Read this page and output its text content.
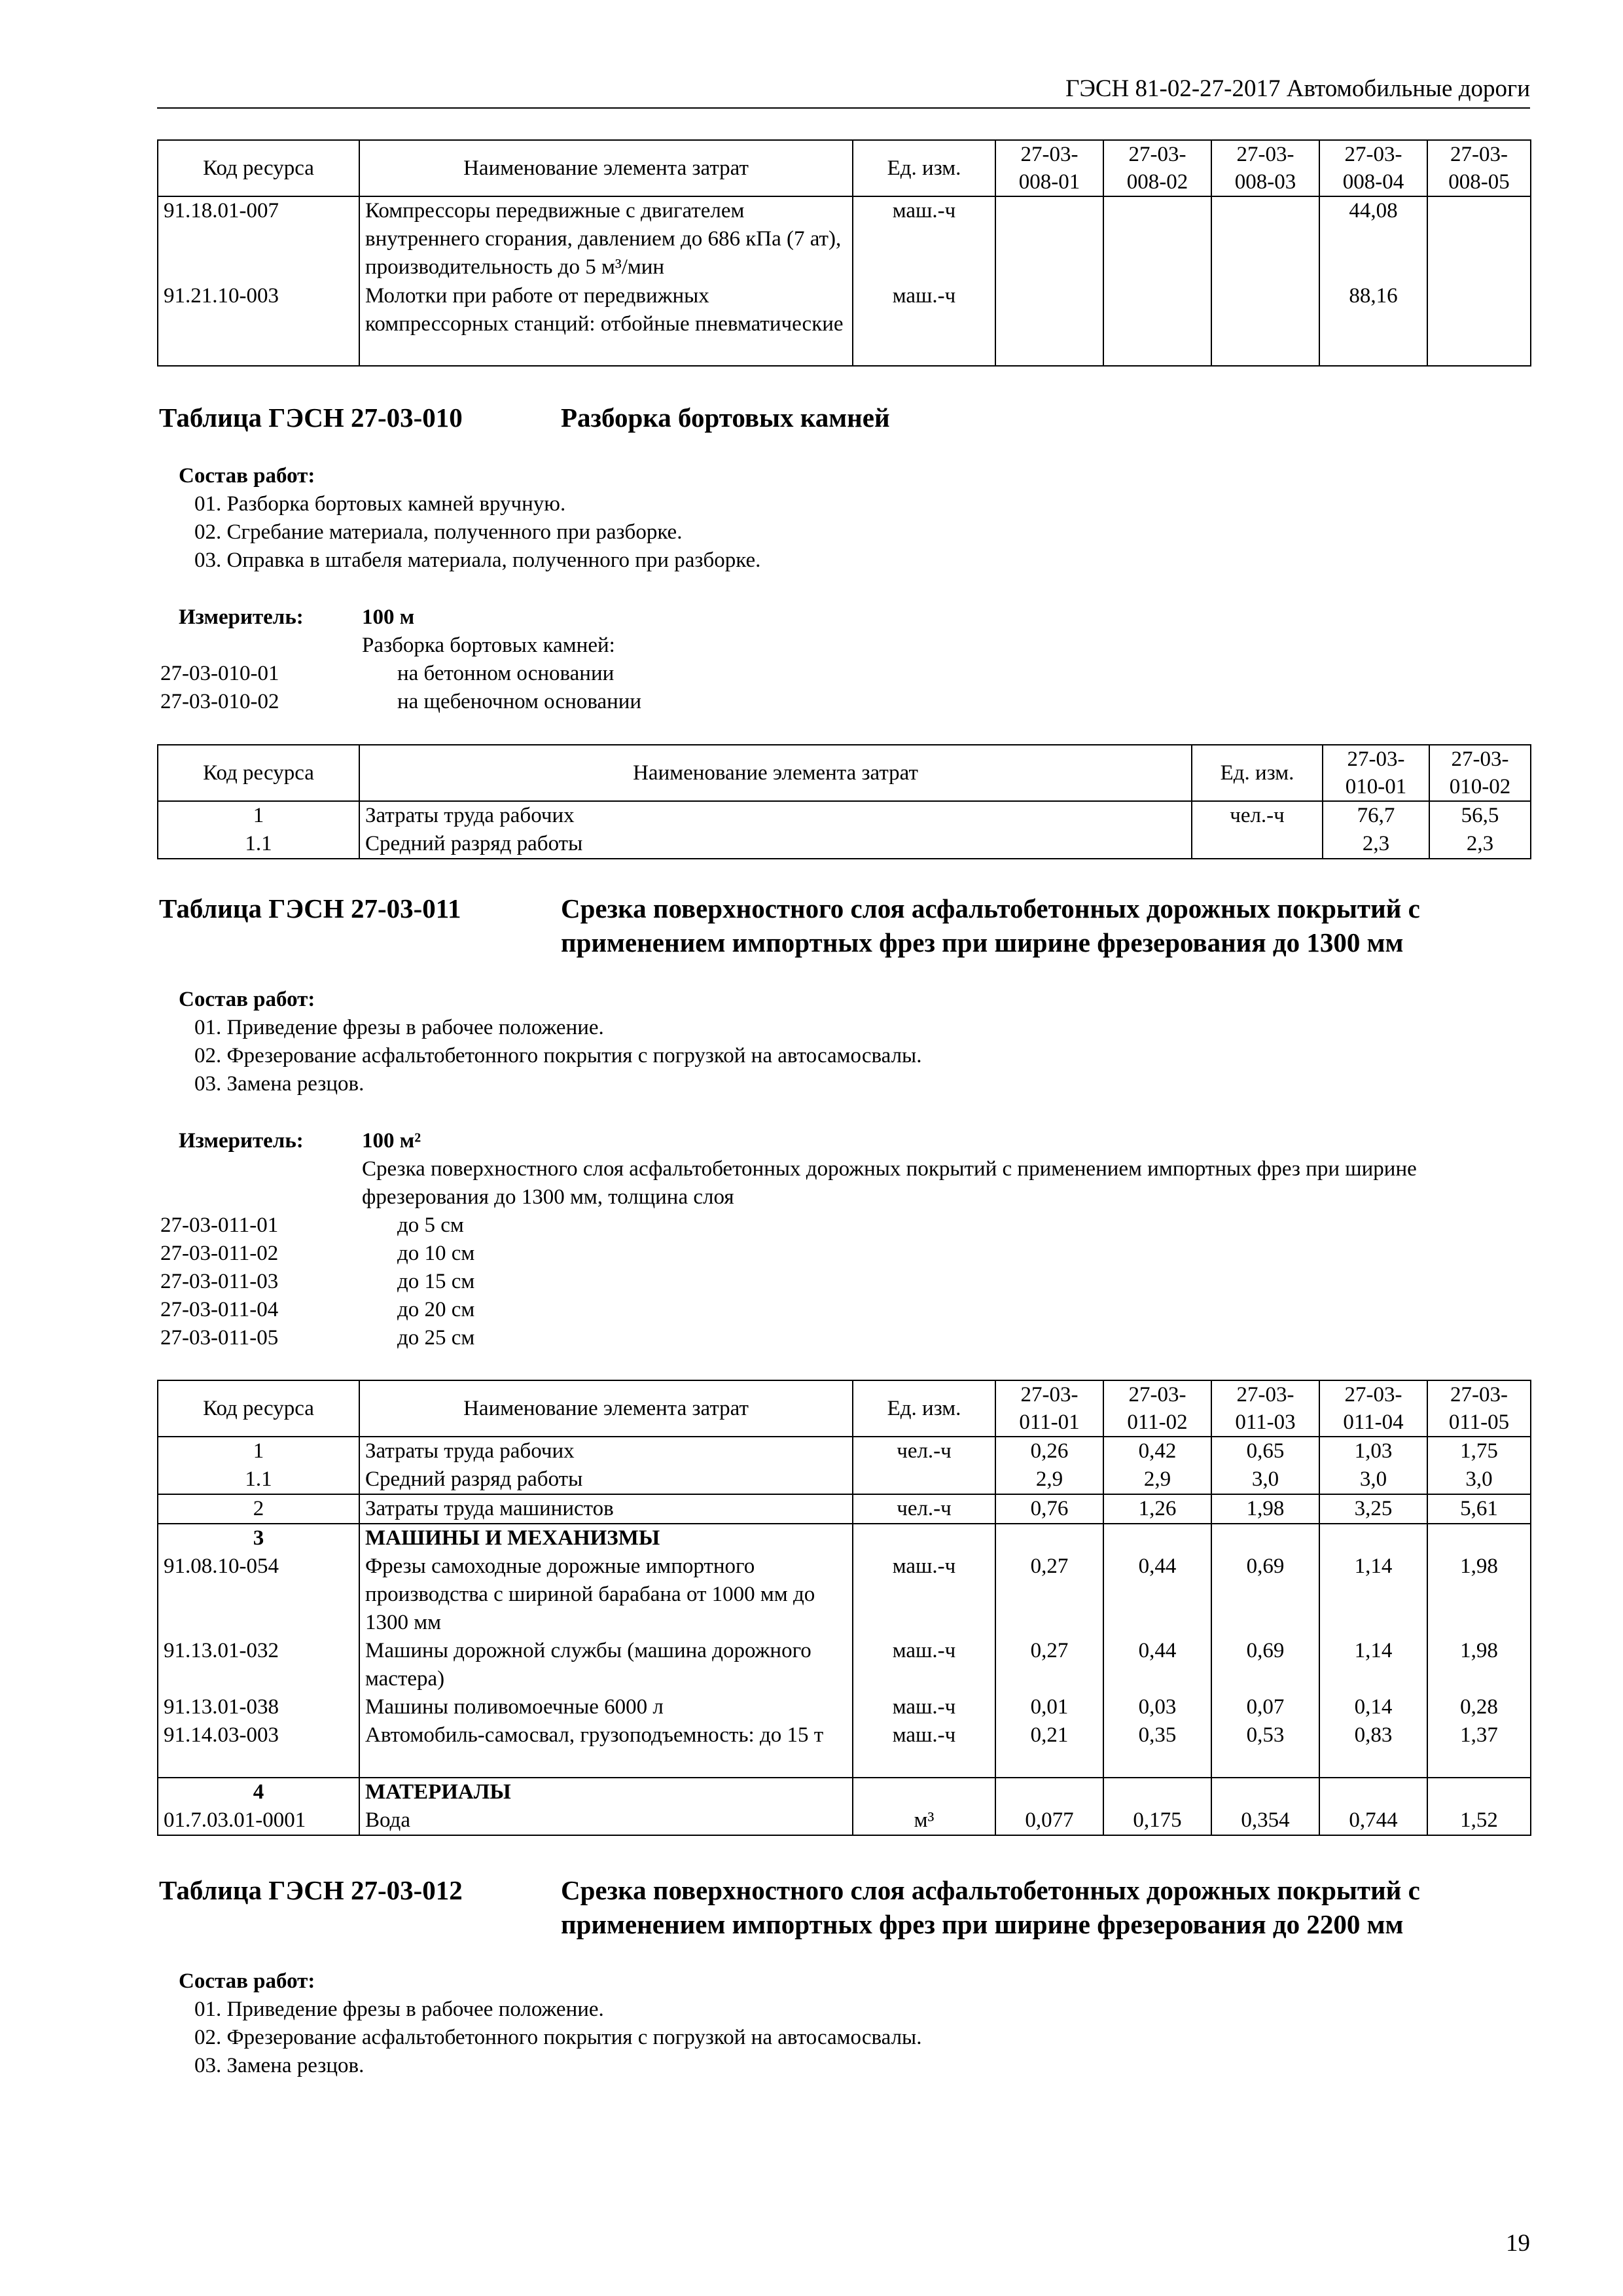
ГЭСН 81-02-27-2017 Автомобильные дороги
Код ресурса	Наименование элемента затрат	Ед. изм.	27-03-008-01	27-03-008-02	27-03-008-03	27-03-008-04	27-03-008-05
91.18.01-007	Компрессоры передвижные с двигателем внутреннего сгорания, давлением до 686 кПа (7 ат), производительность до 5 м³/мин	маш.-ч				44,08	
91.21.10-003	Молотки при работе от передвижных компрессорных станций: отбойные пневматические	маш.-ч				88,16	
Таблица ГЭСН 27-03-010	Разборка бортовых камней
Состав работ:
01. Разборка бортовых камней вручную.
02. Сгребание материала, полученного при разборке.
03. Оправка в штабеля материала, полученного при разборке.
Измеритель:	100 м
Разборка бортовых камней:
27-03-010-01	на бетонном основании
27-03-010-02	на щебеночном основании
Код ресурса	Наименование элемента затрат	Ед. изм.	27-03-010-01	27-03-010-02
1	Затраты труда рабочих	чел.-ч	76,7	56,5
1.1	Средний разряд работы		2,3	2,3
Таблица ГЭСН 27-03-011	Срезка поверхностного слоя асфальтобетонных дорожных покрытий с применением импортных фрез при ширине фрезерования до 1300 мм
Состав работ:
01. Приведение фрезы в рабочее положение.
02. Фрезерование асфальтобетонного покрытия с погрузкой на автосамосвалы.
03. Замена резцов.
Измеритель:	100 м²
Срезка поверхностного слоя асфальтобетонных дорожных покрытий с применением импортных фрез при ширине фрезерования до 1300 мм, толщина слоя
27-03-011-01	до 5 см
27-03-011-02	до 10 см
27-03-011-03	до 15 см
27-03-011-04	до 20 см
27-03-011-05	до 25 см
Код ресурса	Наименование элемента затрат	Ед. изм.	27-03-011-01	27-03-011-02	27-03-011-03	27-03-011-04	27-03-011-05
1	Затраты труда рабочих	чел.-ч	0,26	0,42	0,65	1,03	1,75
1.1	Средний разряд работы		2,9	2,9	3,0	3,0	3,0
2	Затраты труда машинистов	чел.-ч	0,76	1,26	1,98	3,25	5,61
3	МАШИНЫ И МЕХАНИЗМЫ						
91.08.10-054	Фрезы самоходные дорожные импортного производства с шириной барабана от 1000 мм до 1300 мм	маш.-ч	0,27	0,44	0,69	1,14	1,98
91.13.01-032	Машины дорожной службы (машина дорожного мастера)	маш.-ч	0,27	0,44	0,69	1,14	1,98
91.13.01-038	Машины поливомоечные 6000 л	маш.-ч	0,01	0,03	0,07	0,14	0,28
91.14.03-003	Автомобиль-самосвал, грузоподъемность: до 15 т	маш.-ч	0,21	0,35	0,53	0,83	1,37
4	МАТЕРИАЛЫ						
01.7.03.01-0001	Вода	м³	0,077	0,175	0,354	0,744	1,52
Таблица ГЭСН 27-03-012	Срезка поверхностного слоя асфальтобетонных дорожных покрытий с применением импортных фрез при ширине фрезерования до 2200 мм
Состав работ:
01. Приведение фрезы в рабочее положение.
02. Фрезерование асфальтобетонного покрытия с погрузкой на автосамосвалы.
03. Замена резцов.
19
